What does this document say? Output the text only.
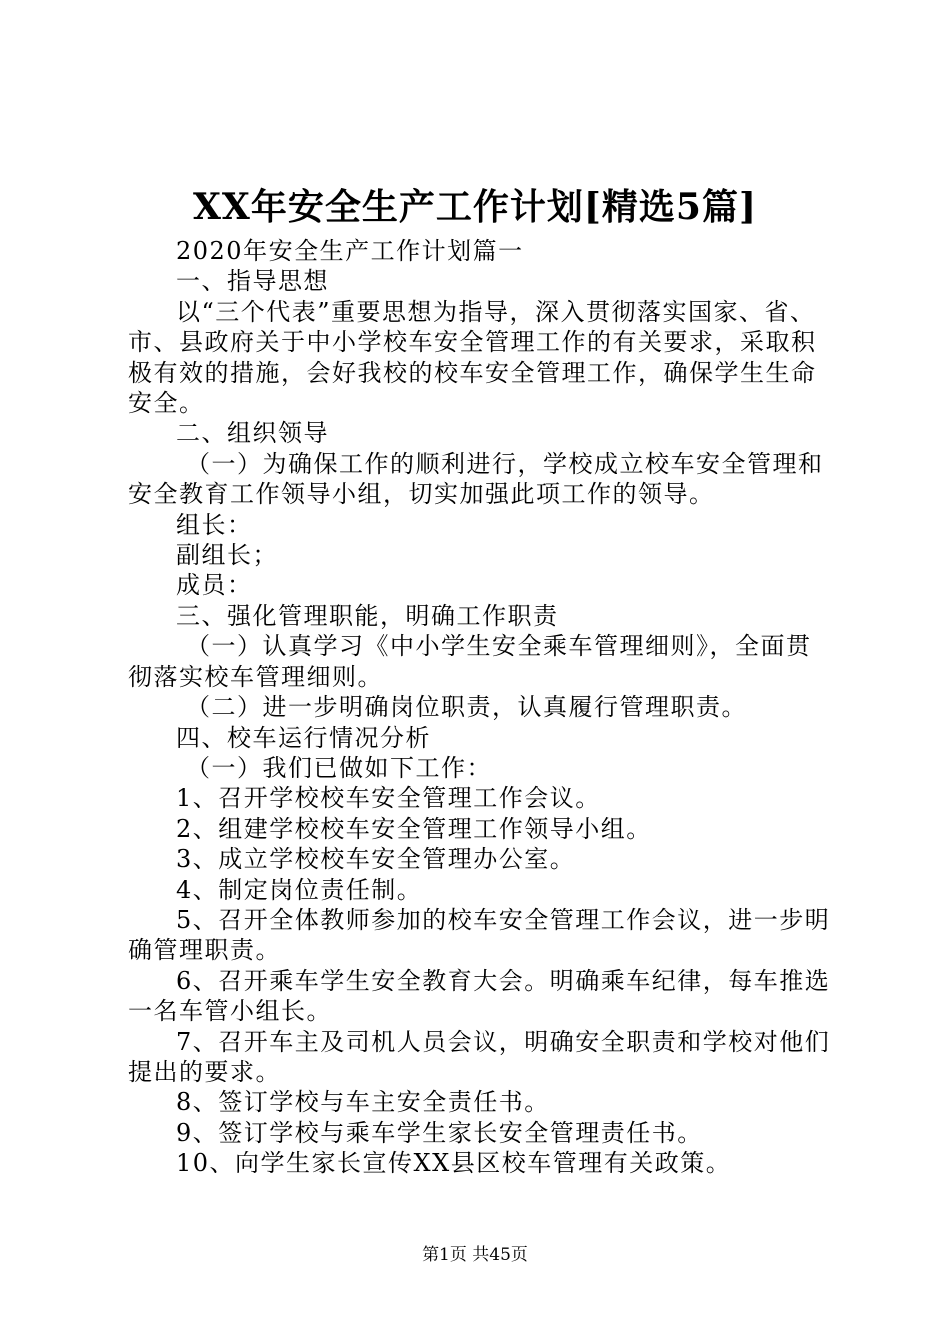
XX年安全生产工作计划[精选5篇]

2020年安全生产工作计划篇一

一、指导思想

以“三个代表”重要思想为指导，深入贯彻落实国家、省、市、县政府关于中小学校车安全管理工作的有关要求，采取积极有效的措施，会好我校的校车安全管理工作，确保学生生命安全。

二、组织领导

（一）为确保工作的顺利进行，学校成立校车安全管理和安全教育工作领导小组，切实加强此项工作的领导。

组长：

副组长；

成员：

三、强化管理职能，明确工作职责

（一）认真学习《中小学生安全乘车管理细则》，全面贯彻落实校车管理细则。

（二）进一步明确岗位职责，认真履行管理职责。

四、校车运行情况分析

（一）我们已做如下工作：

1、召开学校校车安全管理工作会议。

2、组建学校校车安全管理工作领导小组。

3、成立学校校车安全管理办公室。

4、制定岗位责任制。

5、召开全体教师参加的校车安全管理工作会议，进一步明确管理职责。

6、召开乘车学生安全教育大会。明确乘车纪律，每车推选一名车管小组长。

7、召开车主及司机人员会议，明确安全职责和学校对他们提出的要求。

8、签订学校与车主安全责任书。

9、签订学校与乘车学生家长安全管理责任书。

10、向学生家长宣传XX县区校车管理有关政策。

第1页 共45页
